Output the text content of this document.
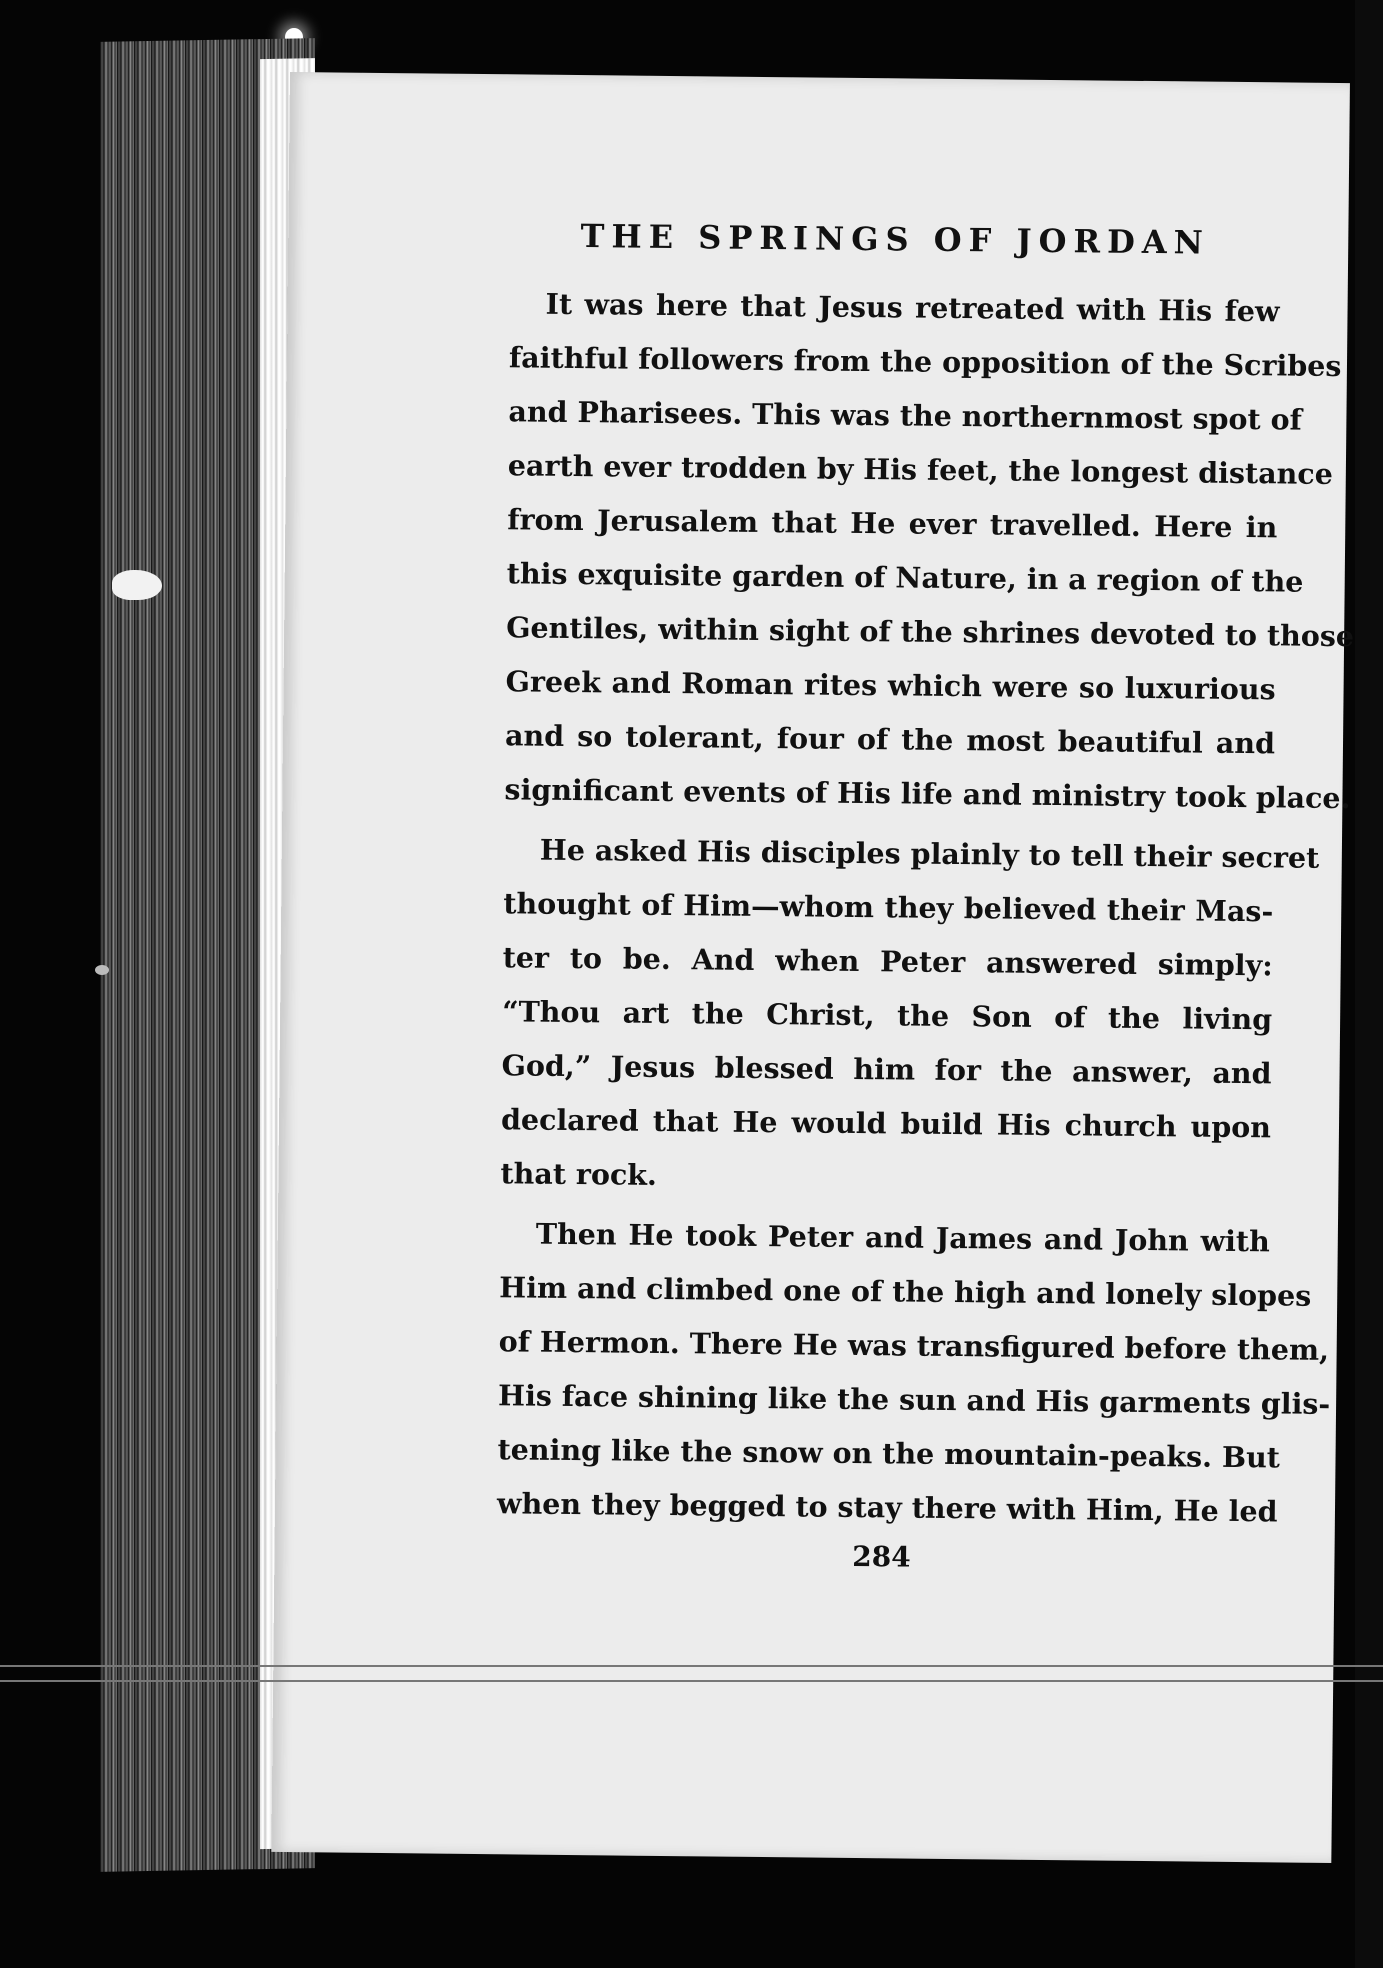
THE SPRINGS OF JORDAN
It was here that Jesus retreated with His few
faithful followers from the opposition of the Scribes
and Pharisees. This was the northernmost spot of
earth ever trodden by His feet, the longest distance
from Jerusalem that He ever travelled. Here in
this exquisite garden of Nature, in a region of the
Gentiles, within sight of the shrines devoted to those
Greek and Roman rites which were so luxurious
and so tolerant, four of the most beautiful and
significant events of His life and ministry took place.
He asked His disciples plainly to tell their secret
thought of Him—whom they believed their Mas-
ter to be. And when Peter answered simply:
“Thou art the Christ, the Son of the living
God,” Jesus blessed him for the answer, and
declared that He would build His church upon
that rock.
Then He took Peter and James and John with
Him and climbed one of the high and lonely slopes
of Hermon. There He was transfigured before them,
His face shining like the sun and His garments glis-
tening like the snow on the mountain-peaks. But
when they begged to stay there with Him, He led
284
